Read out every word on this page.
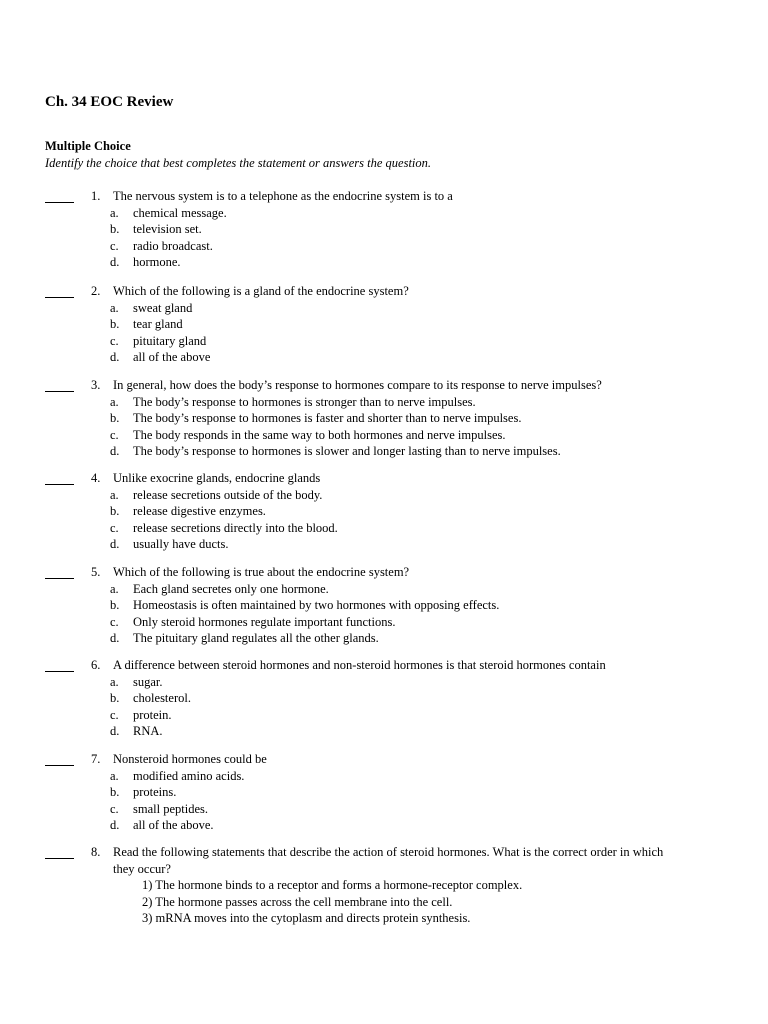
Ch. 34 EOC Review
Multiple Choice
Identify the choice that best completes the statement or answers the question.
1. The nervous system is to a telephone as the endocrine system is to a
a. chemical message.
b. television set.
c. radio broadcast.
d. hormone.
2. Which of the following is a gland of the endocrine system?
a. sweat gland
b. tear gland
c. pituitary gland
d. all of the above
3. In general, how does the body’s response to hormones compare to its response to nerve impulses?
a. The body’s response to hormones is stronger than to nerve impulses.
b. The body’s response to hormones is faster and shorter than to nerve impulses.
c. The body responds in the same way to both hormones and nerve impulses.
d. The body’s response to hormones is slower and longer lasting than to nerve impulses.
4. Unlike exocrine glands, endocrine glands
a. release secretions outside of the body.
b. release digestive enzymes.
c. release secretions directly into the blood.
d. usually have ducts.
5. Which of the following is true about the endocrine system?
a. Each gland secretes only one hormone.
b. Homeostasis is often maintained by two hormones with opposing effects.
c. Only steroid hormones regulate important functions.
d. The pituitary gland regulates all the other glands.
6. A difference between steroid hormones and non-steroid hormones is that steroid hormones contain
a. sugar.
b. cholesterol.
c. protein.
d. RNA.
7. Nonsteroid hormones could be
a. modified amino acids.
b. proteins.
c. small peptides.
d. all of the above.
8. Read the following statements that describe the action of steroid hormones. What is the correct order in which
they occur?
1) The hormone binds to a receptor and forms a hormone-receptor complex.
2) The hormone passes across the cell membrane into the cell.
3) mRNA moves into the cytoplasm and directs protein synthesis.
